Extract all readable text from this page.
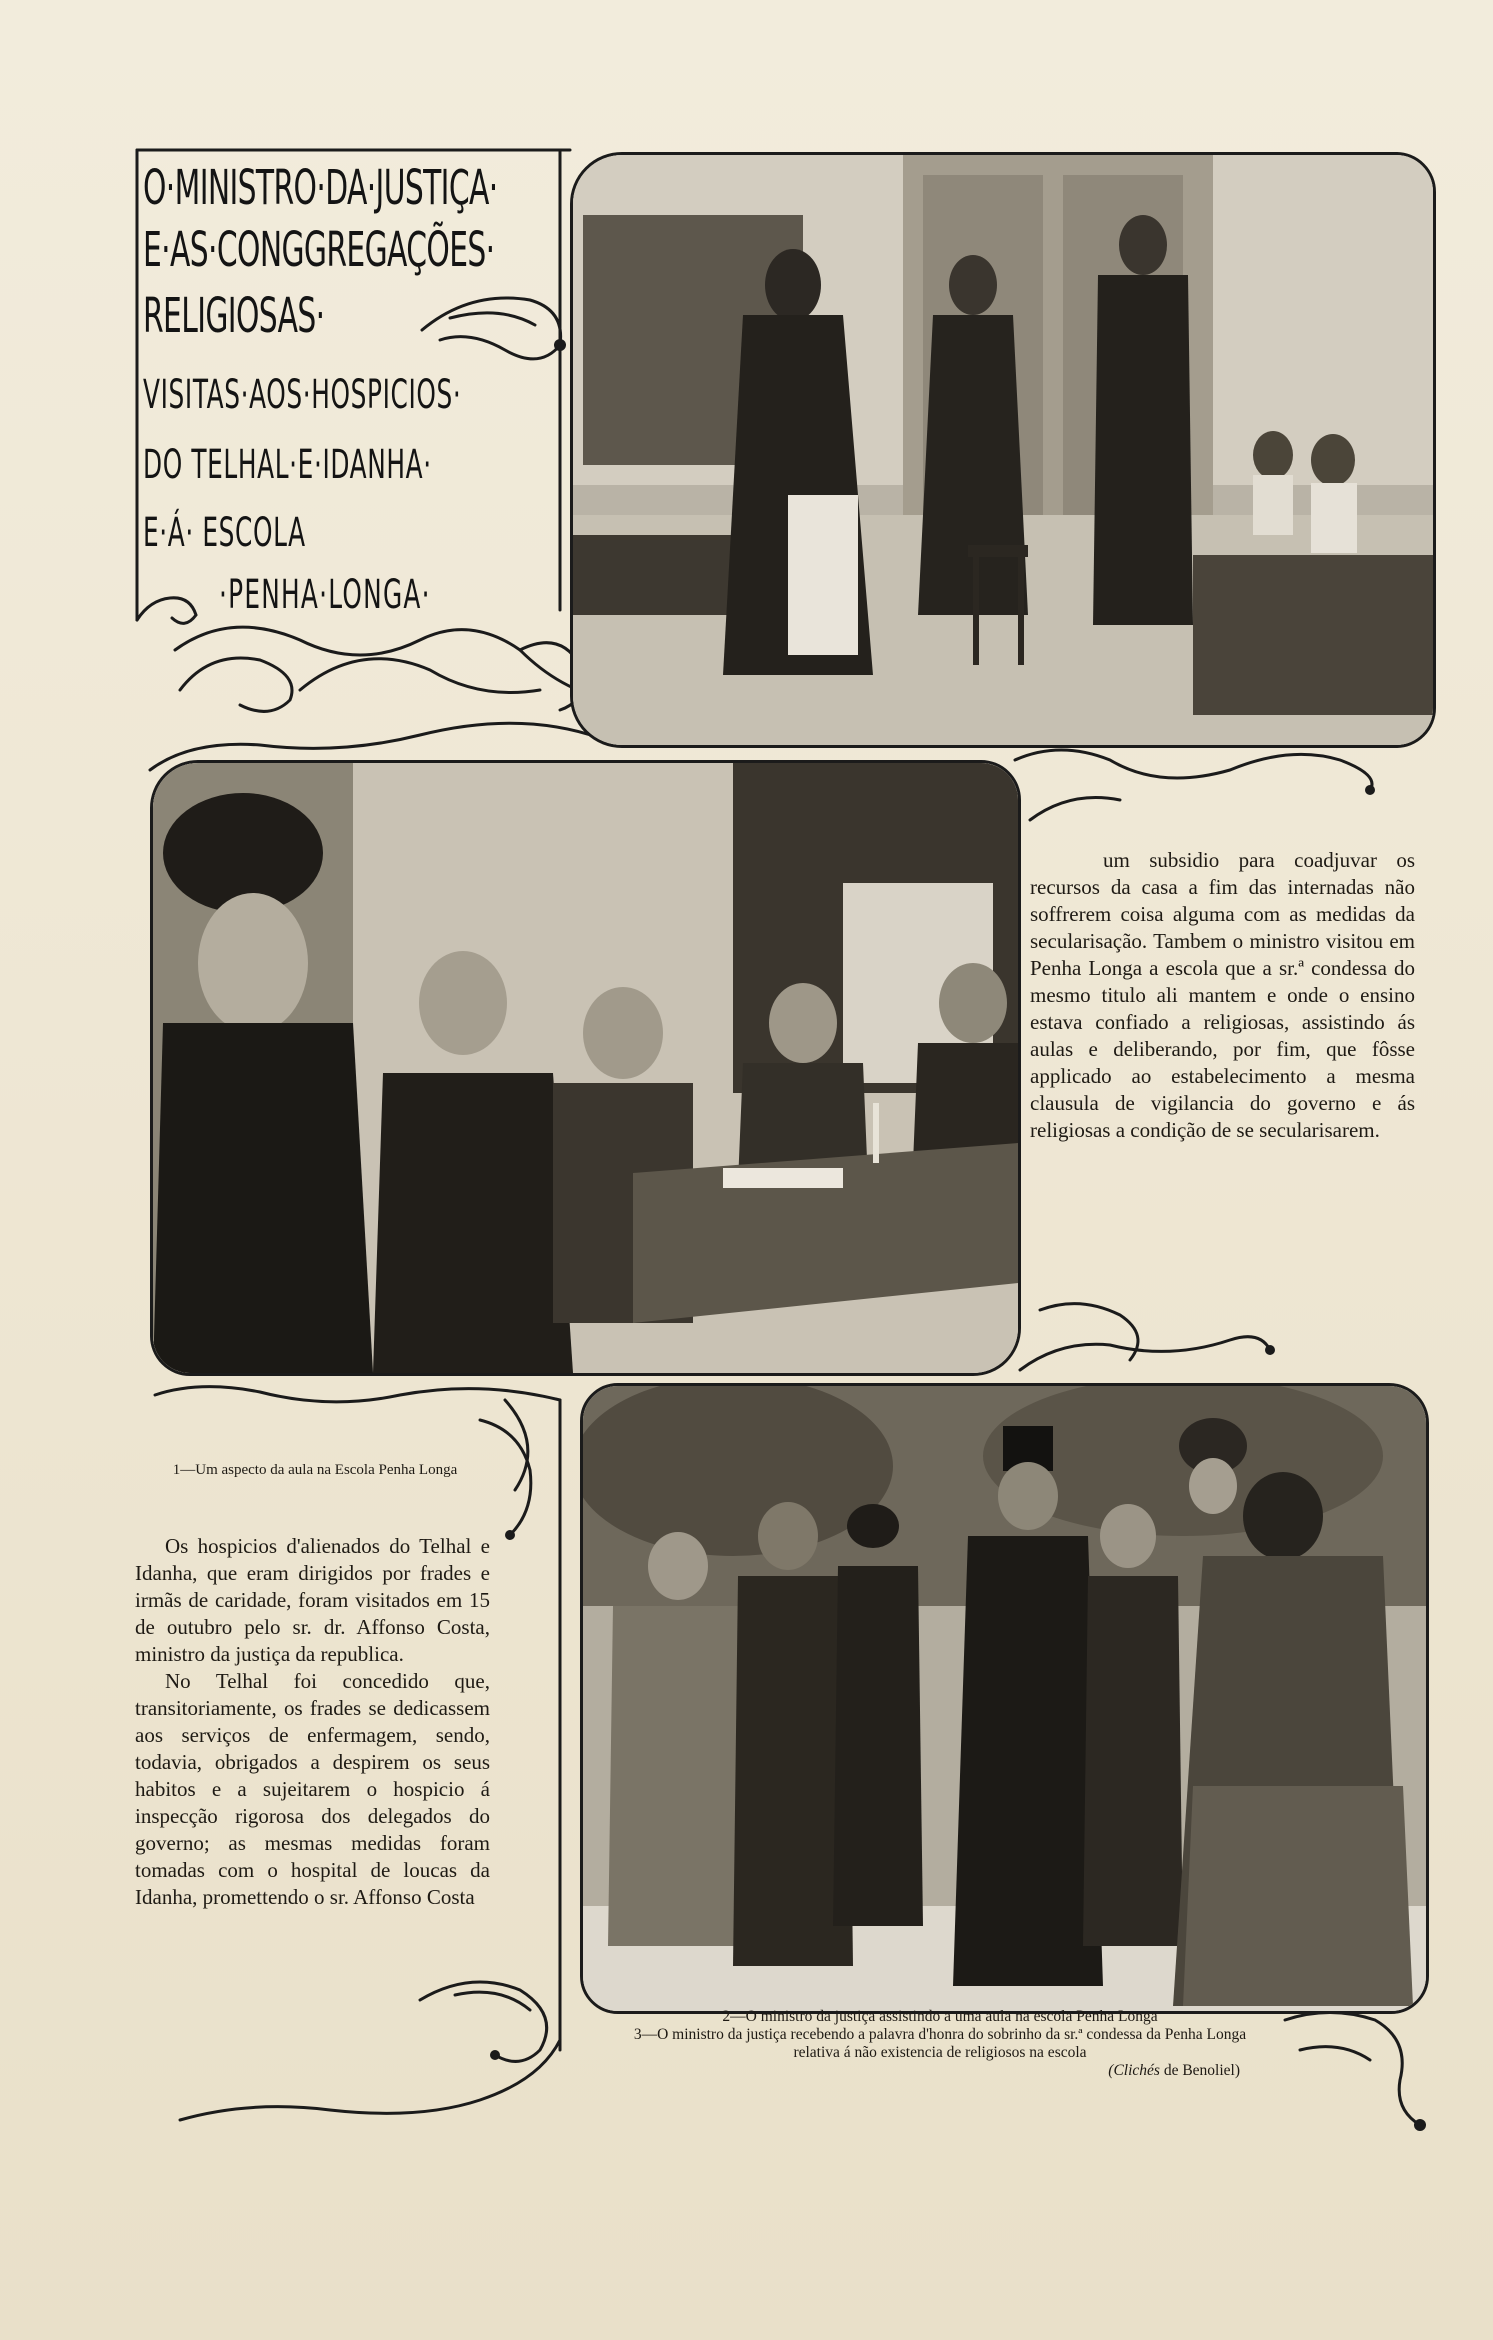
O·MINISTRO·DA·JUSTIÇA·
E·AS·CONGGREGAÇÕES·
RELIGIOSAS·
VISITAS·AOS·HOSPICIOS·
DO TELHAL·E·IDANHA·
E·Á· ESCOLA
·PENHA·LONGA·

um subsidio para coadjuvar os recursos da casa a fim das internadas não soffrerem coisa alguma com as medidas da secularisação. Tambem o ministro visitou em Penha Longa a escola que a sr.ª condessa do mesmo titulo ali mantem e onde o ensino estava confiado a religiosas, assistindo ás aulas e deliberando, por fim, que fôsse applicado ao estabelecimento a mesma clausula de vigilancia do governo e ás religiosas a condição de se secularisarem.

1—Um aspecto da aula na Escola Penha Longa

Os hospicios d'alienados do Telhal e Idanha, que eram dirigidos por frades e irmãs de caridade, foram visitados em 15 de outubro pelo sr. dr. Affonso Costa, ministro da justiça da republica.

No Telhal foi concedido que, transitoriamente, os frades se dedicassem aos serviços de enfermagem, sendo, todavia, obrigados a despirem os seus habitos e a sujeitarem o hospicio á inspecção rigorosa dos delegados do governo; as mesmas medidas foram tomadas com o hospital de loucas da Idanha, promettendo o sr. Affonso Costa

2—O ministro da justiça assistindo a uma aula na escola Penha Longa
3—O ministro da justiça recebendo a palavra d'honra do sobrinho da sr.ª condessa da Penha Longa relativa á não existencia de religiosos na escola
(Clichés de Benoliel)
